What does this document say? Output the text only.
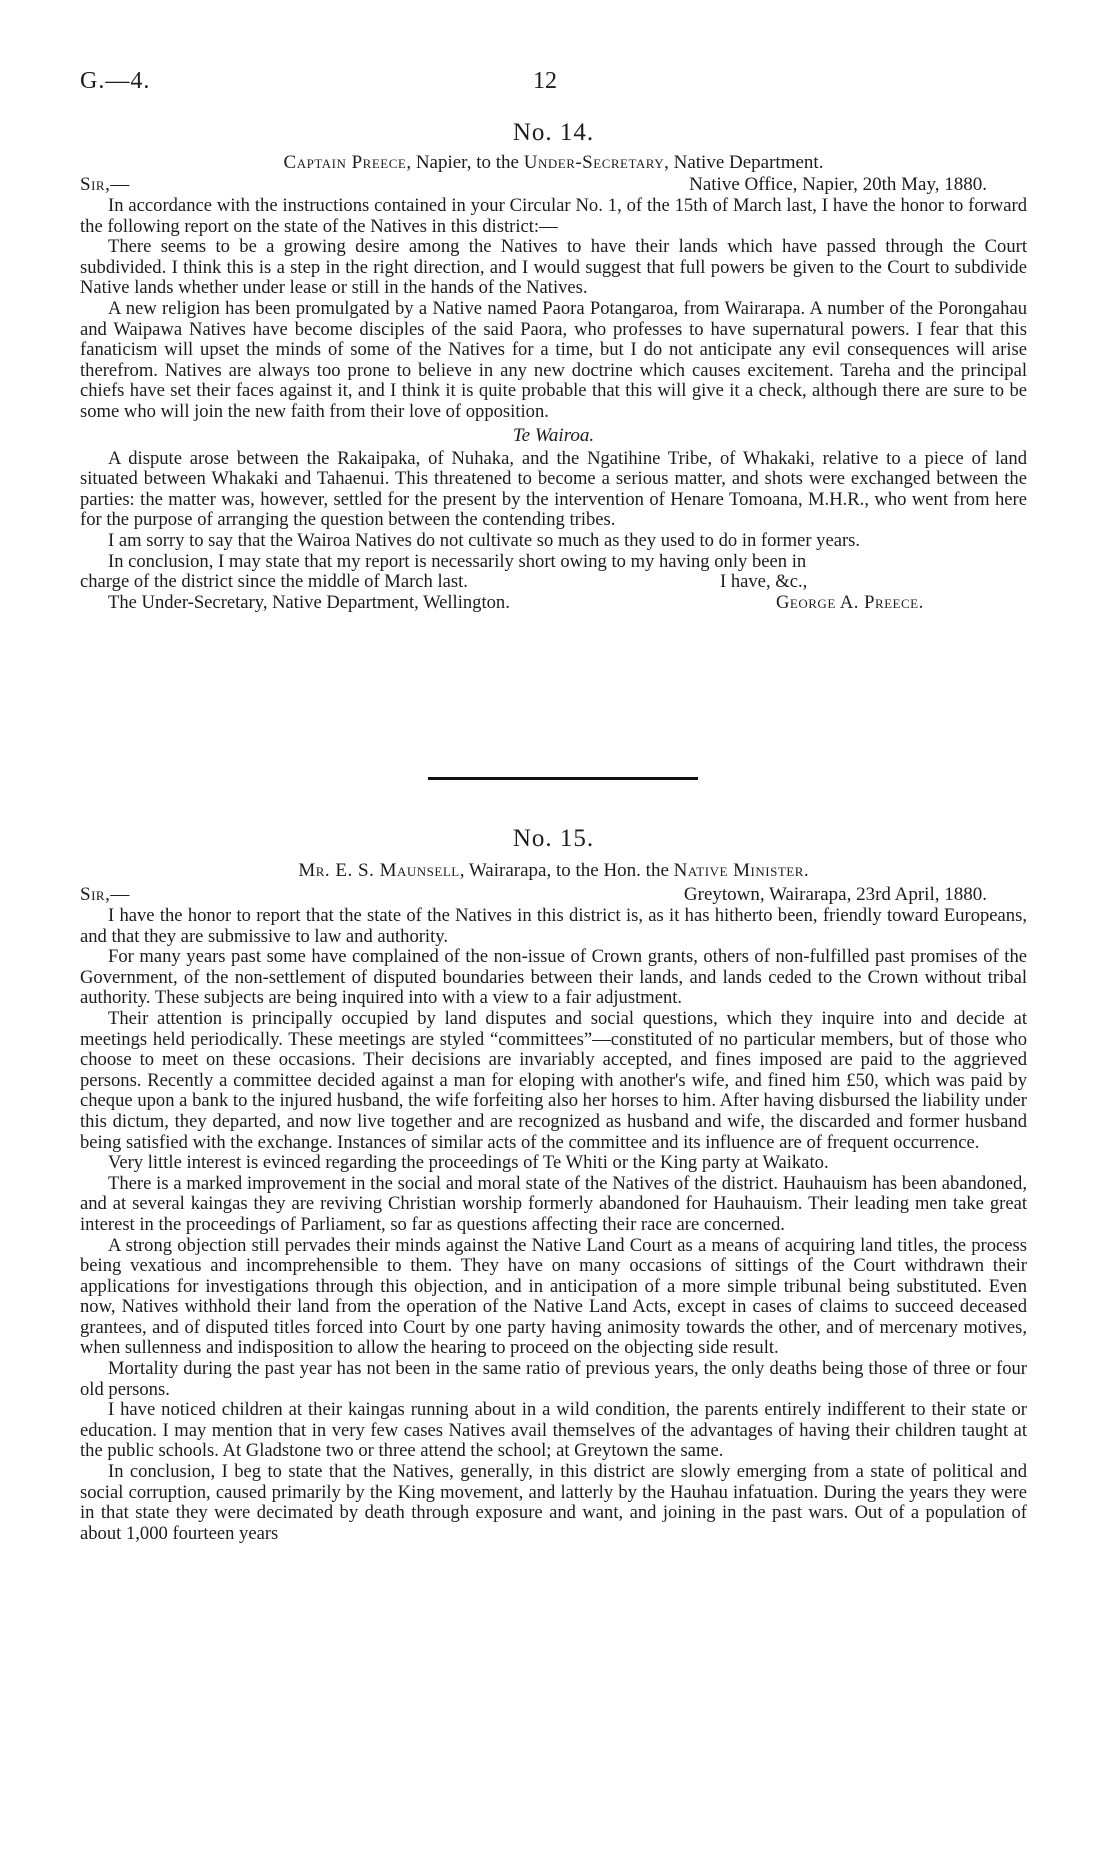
G.—4.	12
No. 14.
Captain Preece, Napier, to the Under-Secretary, Native Department.
Sir,—	Native Office, Napier, 20th May, 1880.

In accordance with the instructions contained in your Circular No. 1, of the 15th of March last, I have the honor to forward the following report on the state of the Natives in this district:—

There seems to be a growing desire among the Natives to have their lands which have passed through the Court subdivided. I think this is a step in the right direction, and I would suggest that full powers be given to the Court to subdivide Native lands whether under lease or still in the hands of the Natives.

A new religion has been promulgated by a Native named Paora Potangaroa, from Wairarapa. A number of the Porongahau and Waipawa Natives have become disciples of the said Paora, who professes to have supernatural powers. I fear that this fanaticism will upset the minds of some of the Natives for a time, but I do not anticipate any evil consequences will arise therefrom. Natives are always too prone to believe in any new doctrine which causes excitement. Tareha and the principal chiefs have set their faces against it, and I think it is quite probable that this will give it a check, although there are sure to be some who will join the new faith from their love of opposition.

Te Wairoa.

A dispute arose between the Rakaipaka, of Nuhaka, and the Ngatihine Tribe, of Whakaki, relative to a piece of land situated between Whakaki and Tahaenui. This threatened to become a serious matter, and shots were exchanged between the parties: the matter was, however, settled for the present by the intervention of Henare Tomoana, M.H.R., who went from here for the purpose of arranging the question between the contending tribes.

I am sorry to say that the Wairoa Natives do not cultivate so much as they used to do in former years.

In conclusion, I may state that my report is necessarily short owing to my having only been in

charge of the district since the middle of March last.	I have, &c.,
The Under-Secretary, Native Department, Wellington.	George A. Preece.
No. 15.
Mr. E. S. Maunsell, Wairarapa, to the Hon. the Native Minister.
Sir,—	Greytown, Wairarapa, 23rd April, 1880.

I have the honor to report that the state of the Natives in this district is, as it has hitherto been, friendly toward Europeans, and that they are submissive to law and authority.

For many years past some have complained of the non-issue of Crown grants, others of non-fulfilled past promises of the Government, of the non-settlement of disputed boundaries between their lands, and lands ceded to the Crown without tribal authority. These subjects are being inquired into with a view to a fair adjustment.

Their attention is principally occupied by land disputes and social questions, which they inquire into and decide at meetings held periodically. These meetings are styled “committees”—constituted of no particular members, but of those who choose to meet on these occasions. Their decisions are invariably accepted, and fines imposed are paid to the aggrieved persons. Recently a committee decided against a man for eloping with another's wife, and fined him £50, which was paid by cheque upon a bank to the injured husband, the wife forfeiting also her horses to him. After having disbursed the liability under this dictum, they departed, and now live together and are recognized as husband and wife, the discarded and former husband being satisfied with the exchange. Instances of similar acts of the committee and its influence are of frequent occurrence.

Very little interest is evinced regarding the proceedings of Te Whiti or the King party at Waikato.

There is a marked improvement in the social and moral state of the Natives of the district. Hauhauism has been abandoned, and at several kaingas they are reviving Christian worship formerly abandoned for Hauhauism. Their leading men take great interest in the proceedings of Parliament, so far as questions affecting their race are concerned.

A strong objection still pervades their minds against the Native Land Court as a means of acquiring land titles, the process being vexatious and incomprehensible to them. They have on many occasions of sittings of the Court withdrawn their applications for investigations through this objection, and in anticipation of a more simple tribunal being substituted. Even now, Natives withhold their land from the operation of the Native Land Acts, except in cases of claims to succeed deceased grantees, and of disputed titles forced into Court by one party having animosity towards the other, and of mercenary motives, when sullenness and indisposition to allow the hearing to proceed on the objecting side result.

Mortality during the past year has not been in the same ratio of previous years, the only deaths being those of three or four old persons.

I have noticed children at their kaingas running about in a wild condition, the parents entirely indifferent to their state or education. I may mention that in very few cases Natives avail themselves of the advantages of having their children taught at the public schools. At Gladstone two or three attend the school; at Greytown the same.

In conclusion, I beg to state that the Natives, generally, in this district are slowly emerging from a state of political and social corruption, caused primarily by the King movement, and latterly by the Hauhau infatuation. During the years they were in that state they were decimated by death through exposure and want, and joining in the past wars. Out of a population of about 1,000 fourteen years
